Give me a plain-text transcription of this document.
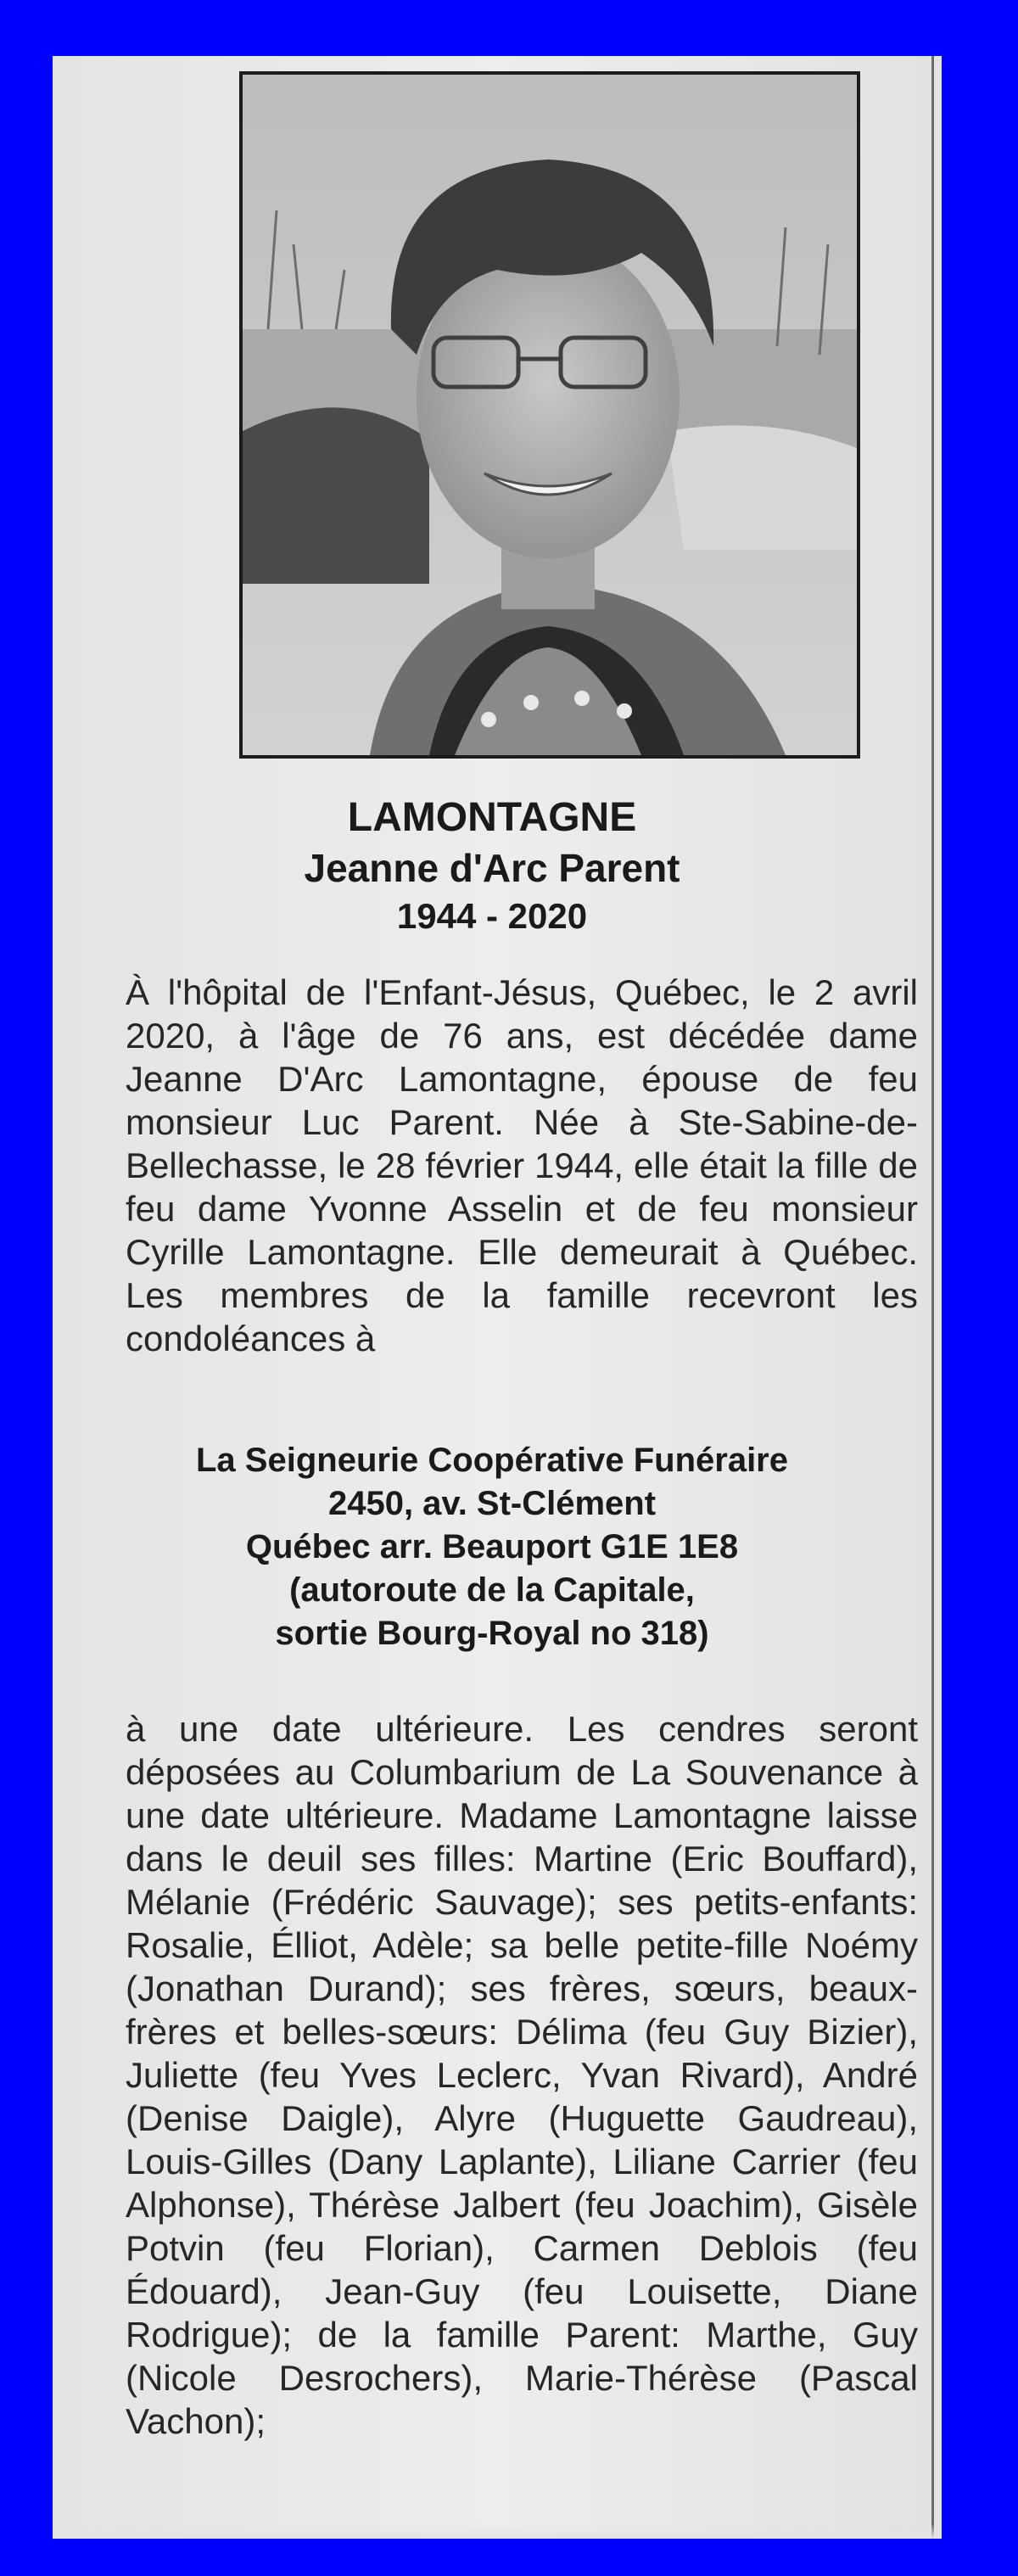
LAMONTAGNE
Jeanne d'Arc Parent
1944 - 2020

À l'hôpital de l'Enfant-Jésus, Québec, le 2 avril 2020, à l'âge de 76 ans, est décédée dame Jeanne D'Arc Lamontagne, épouse de feu monsieur Luc Parent. Née à Ste-Sabine-de-Bellechasse, le 28 février 1944, elle était la fille de feu dame Yvonne Asselin et de feu monsieur Cyrille Lamontagne. Elle demeurait à Québec. Les membres de la famille recevront les condoléances à

La Seigneurie Coopérative Funéraire
2450, av. St-Clément
Québec arr. Beauport G1E 1E8
(autoroute de la Capitale,
sortie Bourg-Royal no 318)

à une date ultérieure. Les cendres seront déposées au Columbarium de La Souvenance à une date ultérieure. Madame Lamontagne laisse dans le deuil ses filles: Martine (Eric Bouffard), Mélanie (Frédéric Sauvage); ses petits-enfants: Rosalie, Élliot, Adèle; sa belle petite-fille Noémy (Jonathan Durand); ses frères, sœurs, beaux-frères et belles-sœurs: Délima (feu Guy Bizier), Juliette (feu Yves Leclerc, Yvan Rivard), André (Denise Daigle), Alyre (Huguette Gaudreau), Louis-Gilles (Dany Laplante), Liliane Carrier (feu Alphonse), Thérèse Jalbert (feu Joachim), Gisèle Potvin (feu Florian), Carmen Deblois (feu Édouard), Jean-Guy (feu Louisette, Diane Rodrigue); de la famille Parent: Marthe, Guy (Nicole Desrochers), Marie-Thérèse (Pascal Vachon);
